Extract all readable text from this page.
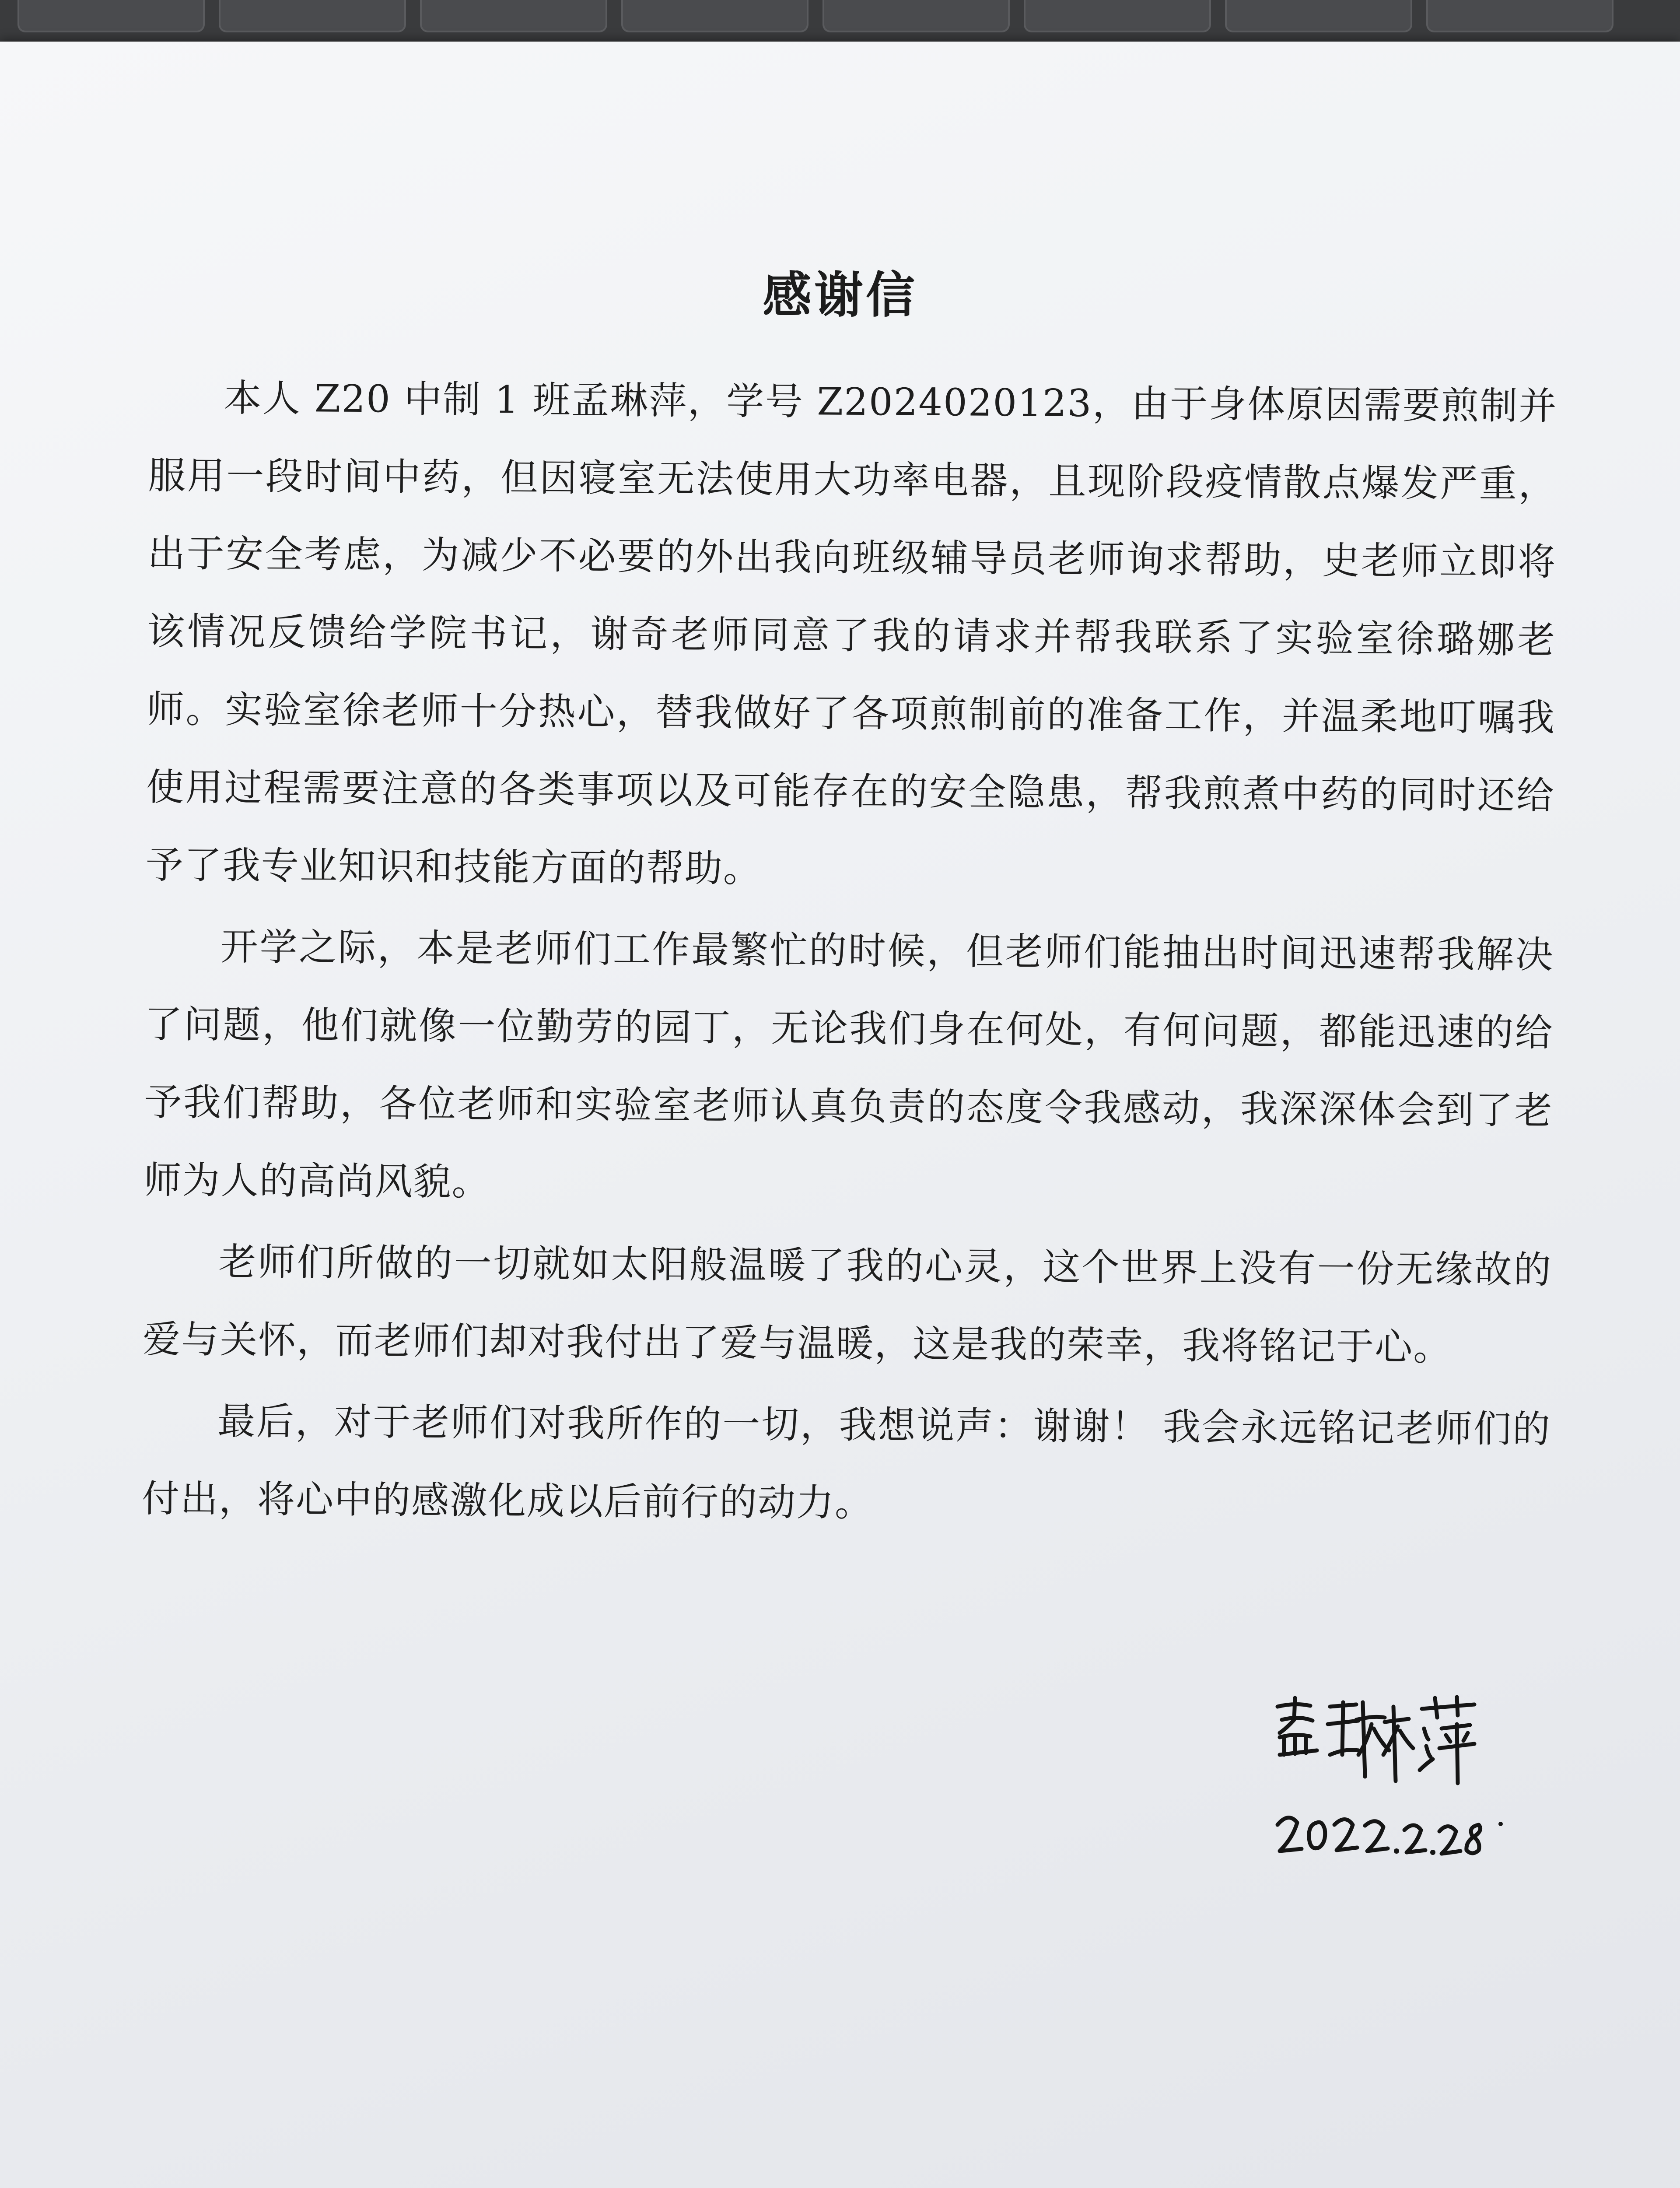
感谢信

本人 Z20 中制 1 班孟琳萍，学号 Z2024020123，由于身体原因需要煎制并服用一段时间中药，但因寝室无法使用大功率电器，且现阶段疫情散点爆发严重，出于安全考虑，为减少不必要的外出我向班级辅导员老师询求帮助，史老师立即将该情况反馈给学院书记，谢奇老师同意了我的请求并帮我联系了实验室徐璐娜老师。实验室徐老师十分热心，替我做好了各项煎制前的准备工作，并温柔地叮嘱我使用过程需要注意的各类事项以及可能存在的安全隐患，帮我煎煮中药的同时还给予了我专业知识和技能方面的帮助。

开学之际，本是老师们工作最繁忙的时候，但老师们能抽出时间迅速帮我解决了问题，他们就像一位勤劳的园丁，无论我们身在何处，有何问题，都能迅速的给予我们帮助，各位老师和实验室老师认真负责的态度令我感动，我深深体会到了老师为人的高尚风貌。

老师们所做的一切就如太阳般温暖了我的心灵，这个世界上没有一份无缘故的爱与关怀，而老师们却对我付出了爱与温暖，这是我的荣幸，我将铭记于心。

最后，对于老师们对我所作的一切，我想说声：谢谢！ 我会永远铭记老师们的付出，将心中的感激化成以后前行的动力。
